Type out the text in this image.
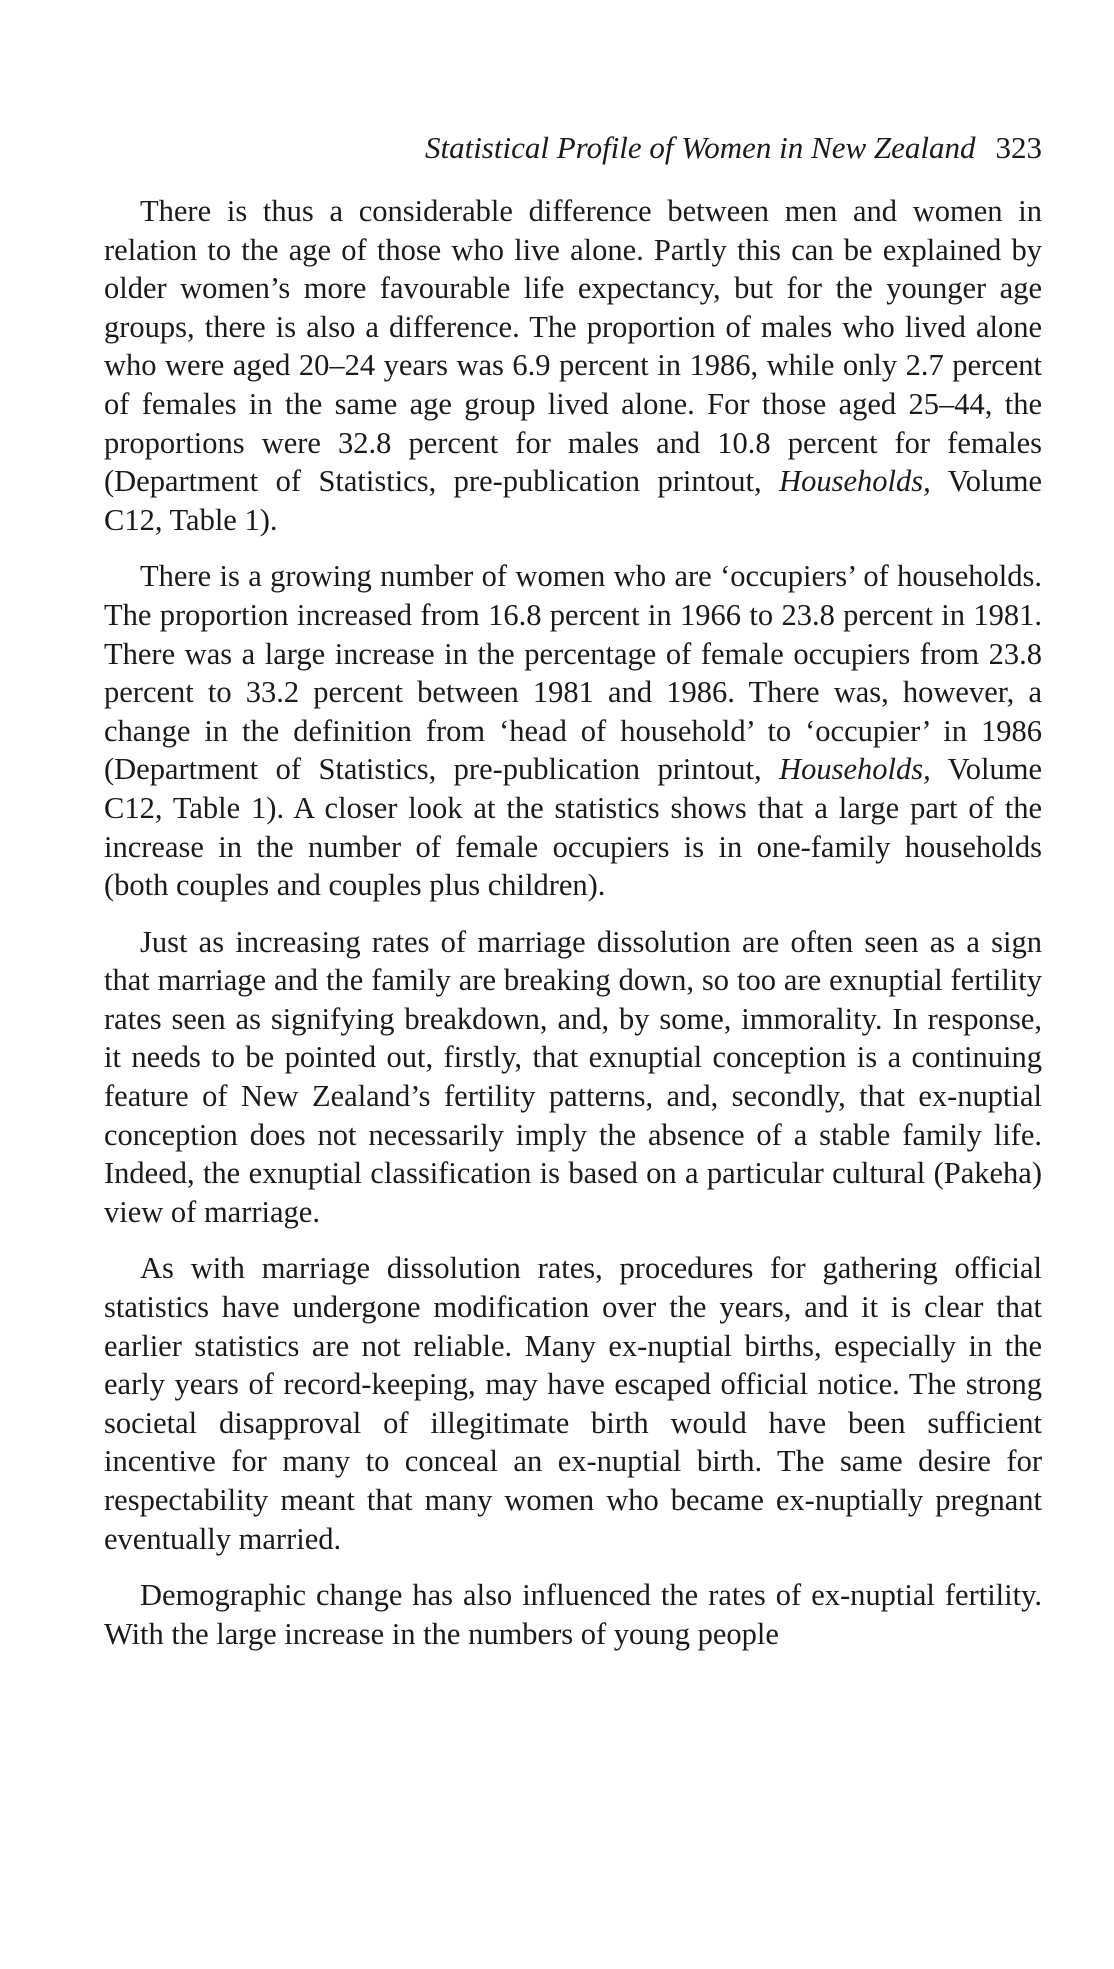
Statistical Profile of Women in New Zealand 323

There is thus a considerable difference between men and women in relation to the age of those who live alone. Partly this can be explained by older women’s more favourable life expectancy, but for the younger age groups, there is also a difference. The proportion of males who lived alone who were aged 20–24 years was 6.9 percent in 1986, while only 2.7 percent of females in the same age group lived alone. For those aged 25–44, the proportions were 32.8 percent for males and 10.8 percent for females (Department of Statistics, pre-publication printout, Households, Volume C12, Table 1).

There is a growing number of women who are ‘occupiers’ of households. The proportion increased from 16.8 percent in 1966 to 23.8 percent in 1981. There was a large increase in the percentage of female occupiers from 23.8 percent to 33.2 percent between 1981 and 1986. There was, however, a change in the definition from ‘head of household’ to ‘occupier’ in 1986 (Department of Statistics, pre-publication printout, Households, Volume C12, Table 1). A closer look at the statistics shows that a large part of the increase in the number of female occupiers is in one-family households (both couples and couples plus children).

Just as increasing rates of marriage dissolution are often seen as a sign that marriage and the family are breaking down, so too are exnuptial fertility rates seen as signifying breakdown, and, by some, immorality. In response, it needs to be pointed out, firstly, that exnuptial conception is a continuing feature of New Zealand’s fertility patterns, and, secondly, that ex-nuptial conception does not necessarily imply the absence of a stable family life. Indeed, the exnuptial classification is based on a particular cultural (Pakeha) view of marriage.

As with marriage dissolution rates, procedures for gathering official statistics have undergone modification over the years, and it is clear that earlier statistics are not reliable. Many ex-nuptial births, especially in the early years of record-keeping, may have escaped official notice. The strong societal disapproval of illegitimate birth would have been sufficient incentive for many to conceal an ex-nuptial birth. The same desire for respectability meant that many women who became ex-nuptially pregnant eventually married.

Demographic change has also influenced the rates of ex-nuptial fertility. With the large increase in the numbers of young people
